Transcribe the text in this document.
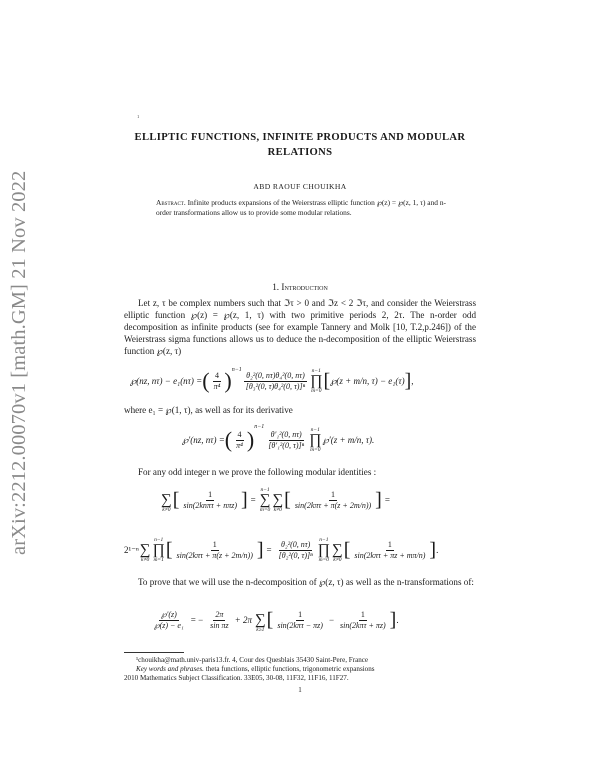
arXiv:2212.00070v1 [math.GM] 21 Nov 2022
1
ELLIPTIC FUNCTIONS, INFINITE PRODUCTS AND MODULAR
RELATIONS
ABD RAOUF CHOUIKHA
Abstract. Infinite products expansions of the Weierstrass elliptic function ℘(z) = ℘(z, 1, τ) and n-order transformations allow us to provide some modular relations.
1. Introduction
Let z, τ be complex numbers such that ℑτ > 0 and ℑz < 2 ℑτ, and consider the Weierstrass elliptic function ℘(z) = ℘(z, 1, τ) with two primitive periods 2, 2τ. The n-order odd decomposition as infinite products (see for example Tannery and Molk [10, T.2,p.246]) of the Weierstrass sigma functions allows us to deduce the n-decomposition of the elliptic Weierstrass function ℘(z, τ)
℘(nz, nτ) − e₁(nτ) = ( $\frac{4}{\text{π⁴}} )^{n-1}$
$\frac{\text{θ₂²(0, nτ)θ₄²(0, nτ)}}{\text{[θ₃²(0, τ)θ₄²(0, τ)]ⁿ}} n-1$
∏
m=0 [ ℘(z + m/n, τ) − e₁(τ) ] ,
where e₁ = ℘(1, τ), as well as for its derivative
℘′(nz, nτ) = ( $\frac{4}{\text{π⁴}} )^{n-1}$
$\frac{\text{θ′₁²(0, nτ)}}{\text{[θ′₁²(0, τ)]ⁿ}} n-1$
∏
m=0
℘′(z + m/n, τ).
For any odd integer n we prove the following modular identities :

∑
k≠0 [ $\frac{1}{\text{sin(2knπτ + nπz)}}$ ] =
n−1
∑
m=0

∑
k≠0 [ $\frac{1}{\text{sin(2kπτ + π(z + 2m/n))}}$ ] =
2¹⁻ⁿ
∑
k≠0
n−1
∏
m=1 [ $\frac{1}{\text{sin(2kπτ + π(z + 2m/n))}}$ ] = $\frac{\text{θ₂²(0, nτ)}}{\text{[θ₂²(0, τ)]ⁿ}} n-1$
∏
m=0

∑
k≠0 [ $\frac{1}{\text{sin(2kπτ + πz + mπ/n)}}$ ] .
To prove that we will use the n-decomposition of ℘(z, τ) as well as the n-transformations of:
$\frac{℘'(z)}{\text{℘(z) − e₁}}$ = − $\frac{2\pi}{\text{sin πz}} + 2\pi$
∑
k≥1 [ $\frac{1}{\text{sin(2kπτ − πz)}} - \frac{1}{\text{sin(2kπτ + πz)}}$ ] .
¹chouikha@math.univ-paris13.fr. 4, Cour des Quesblais 35430 Saint-Pere, France
Key words and phrases. theta functions, elliptic functions, trigonometric expansions
2010 Mathematics Subject Classification. 33E05, 30-08, 11F32, 11F16, 11F27.
1
